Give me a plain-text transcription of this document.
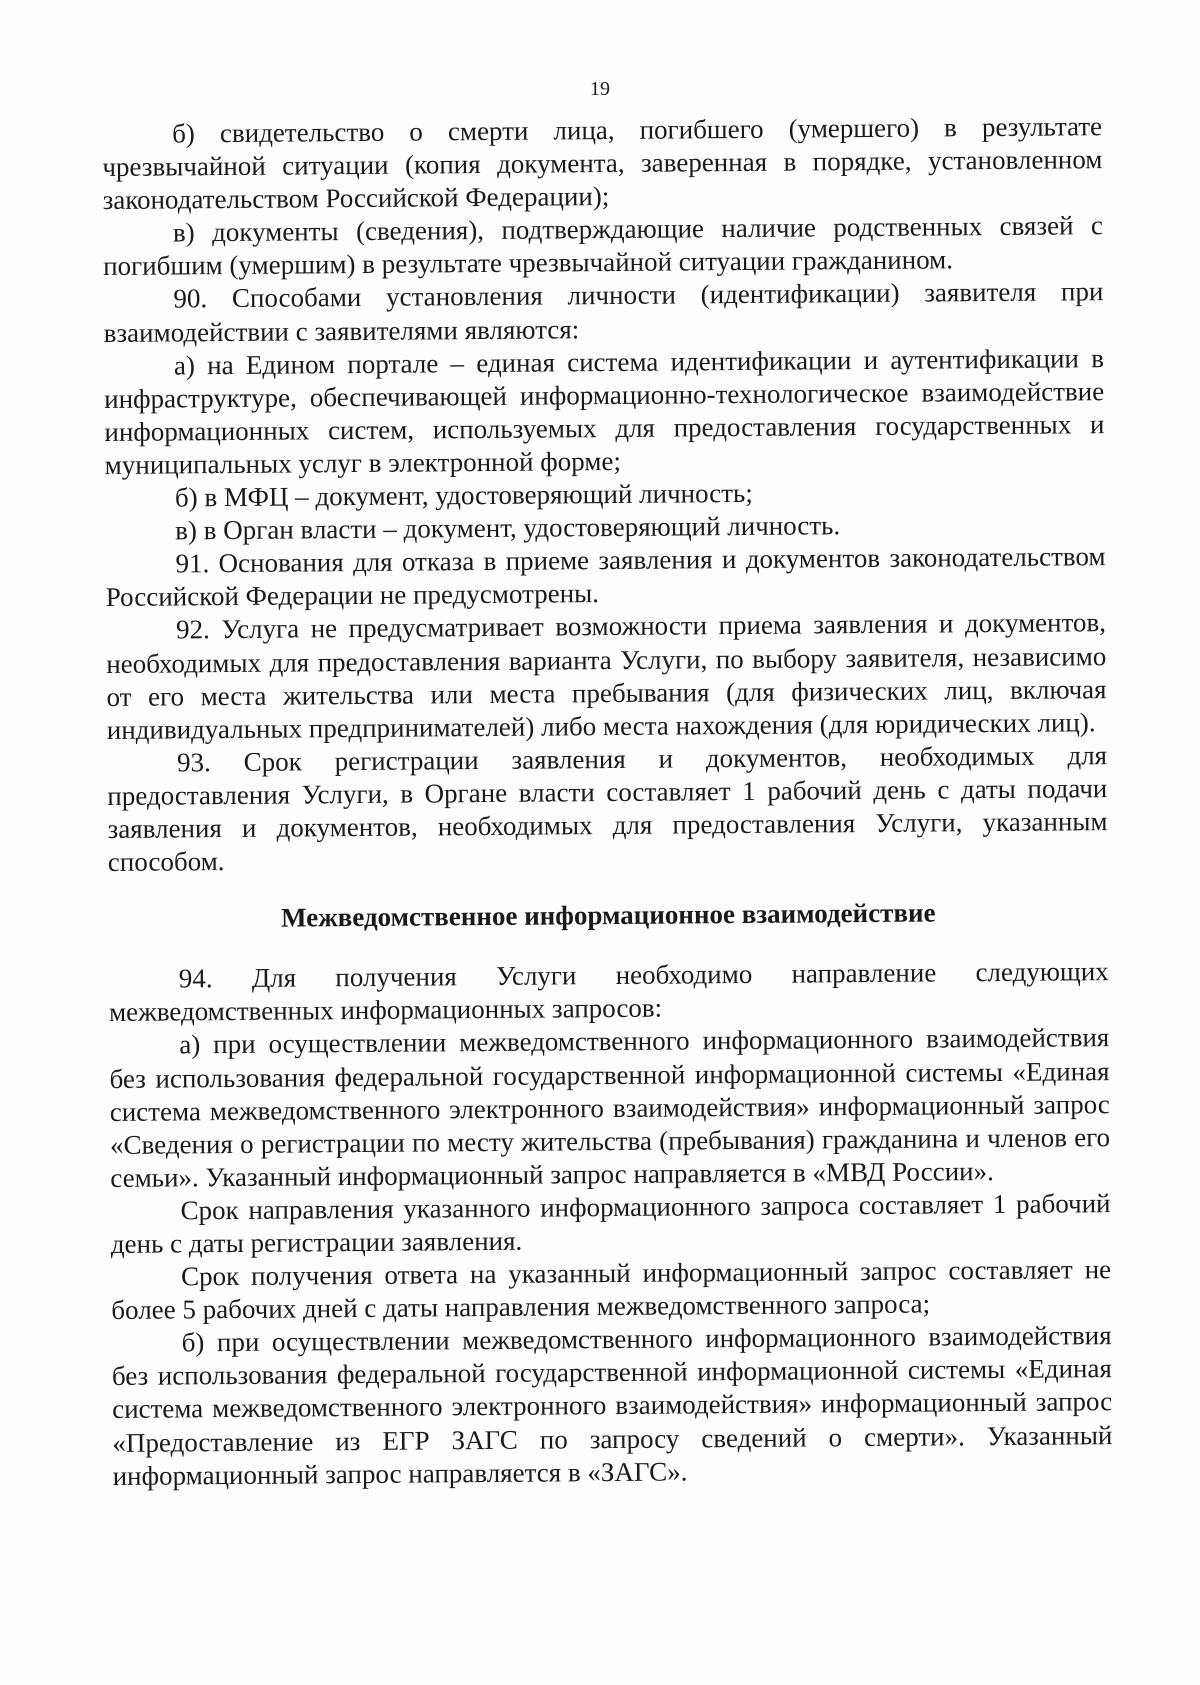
19

б) свидетельство о смерти лица, погибшего (умершего) в результате чрезвычайной ситуации (копия документа, заверенная в порядке, установленном законодательством Российской Федерации);

в) документы (сведения), подтверждающие наличие родственных связей с погибшим (умершим) в результате чрезвычайной ситуации гражданином.

90. Способами установления личности (идентификации) заявителя при взаимодействии с заявителями являются:

а) на Едином портале – единая система идентификации и аутентификации в инфраструктуре, обеспечивающей информационно-технологическое взаимодействие информационных систем, используемых для предоставления государственных и муниципальных услуг в электронной форме;

б) в МФЦ – документ, удостоверяющий личность;

в) в Орган власти – документ, удостоверяющий личность.

91. Основания для отказа в приеме заявления и документов законодательством Российской Федерации не предусмотрены.

92. Услуга не предусматривает возможности приема заявления и документов, необходимых для предоставления варианта Услуги, по выбору заявителя, независимо от его места жительства или места пребывания (для физических лиц, включая индивидуальных предпринимателей) либо места нахождения (для юридических лиц).

93. Срок регистрации заявления и документов, необходимых для предоставления Услуги, в Органе власти составляет 1 рабочий день с даты подачи заявления и документов, необходимых для предоставления Услуги, указанным способом.

Межведомственное информационное взаимодействие

94. Для получения Услуги необходимо направление следующих межведомственных информационных запросов:

а) при осуществлении межведомственного информационного взаимодействия без использования федеральной государственной информационной системы «Единая система межведомственного электронного взаимодействия» информационный запрос «Сведения о регистрации по месту жительства (пребывания) гражданина и членов его семьи». Указанный информационный запрос направляется в «МВД России».

Срок направления указанного информационного запроса составляет 1 рабочий день с даты регистрации заявления.

Срок получения ответа на указанный информационный запрос составляет не более 5 рабочих дней с даты направления межведомственного запроса;

б) при осуществлении межведомственного информационного взаимодействия без использования федеральной государственной информационной системы «Единая система межведомственного электронного взаимодействия» информационный запрос «Предоставление из ЕГР ЗАГС по запросу сведений о смерти». Указанный информационный запрос направляется в «ЗАГС».
